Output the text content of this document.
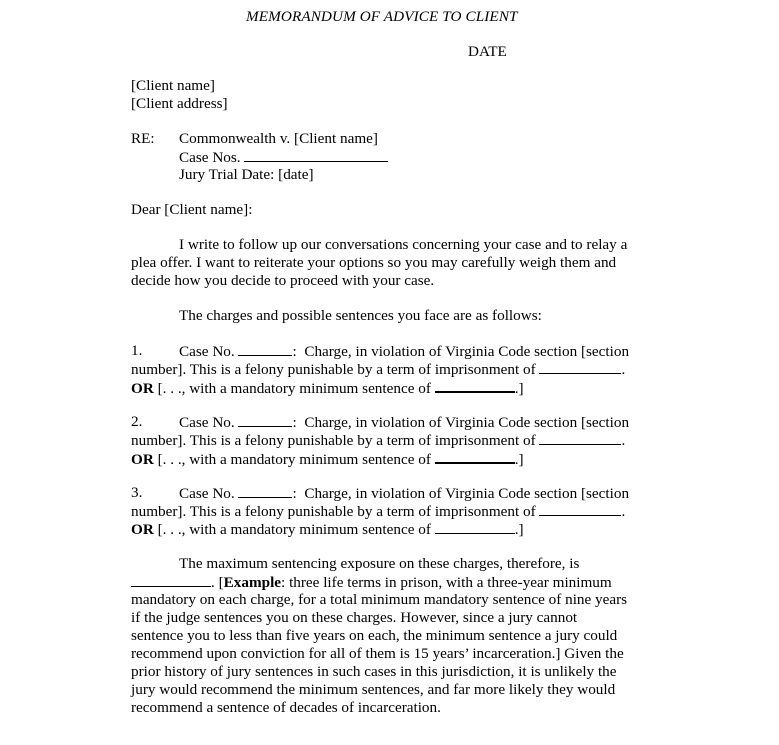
MEMORANDUM OF ADVICE TO CLIENT
DATE
[Client name]
[Client address]
RE: Commonwealth v. [Client name]
Case Nos.
Jury Trial Date: [date]
Dear [Client name]:
I write to follow up our conversations concerning your case and to relay a
plea offer. I want to reiterate your options so you may carefully weigh them and
decide how you decide to proceed with your case.
The charges and possible sentences you face are as follows:
1. Case No.	:  Charge, in violation of Virginia Code section [section
number]. This is a felony punishable by a term of imprisonment of	.
OR [. . ., with a mandatory minimum sentence of	.]
2. Case No.	:  Charge, in violation of Virginia Code section [section
number]. This is a felony punishable by a term of imprisonment of	.
OR [. . ., with a mandatory minimum sentence of	.]
3. Case No.	:  Charge, in violation of Virginia Code section [section
number]. This is a felony punishable by a term of imprisonment of	.
OR [. . ., with a mandatory minimum sentence of	.]
The maximum sentencing exposure on these charges, therefore, is
. [Example: three life terms in prison, with a three-year minimum
mandatory on each charge, for a total minimum mandatory sentence of nine years
if the judge sentences you on these charges. However, since a jury cannot
sentence you to less than five years on each, the minimum sentence a jury could
recommend upon conviction for all of them is 15 years’ incarceration.] Given the
prior history of jury sentences in such cases in this jurisdiction, it is unlikely the
jury would recommend the minimum sentences, and far more likely they would
recommend a sentence of decades of incarceration.
